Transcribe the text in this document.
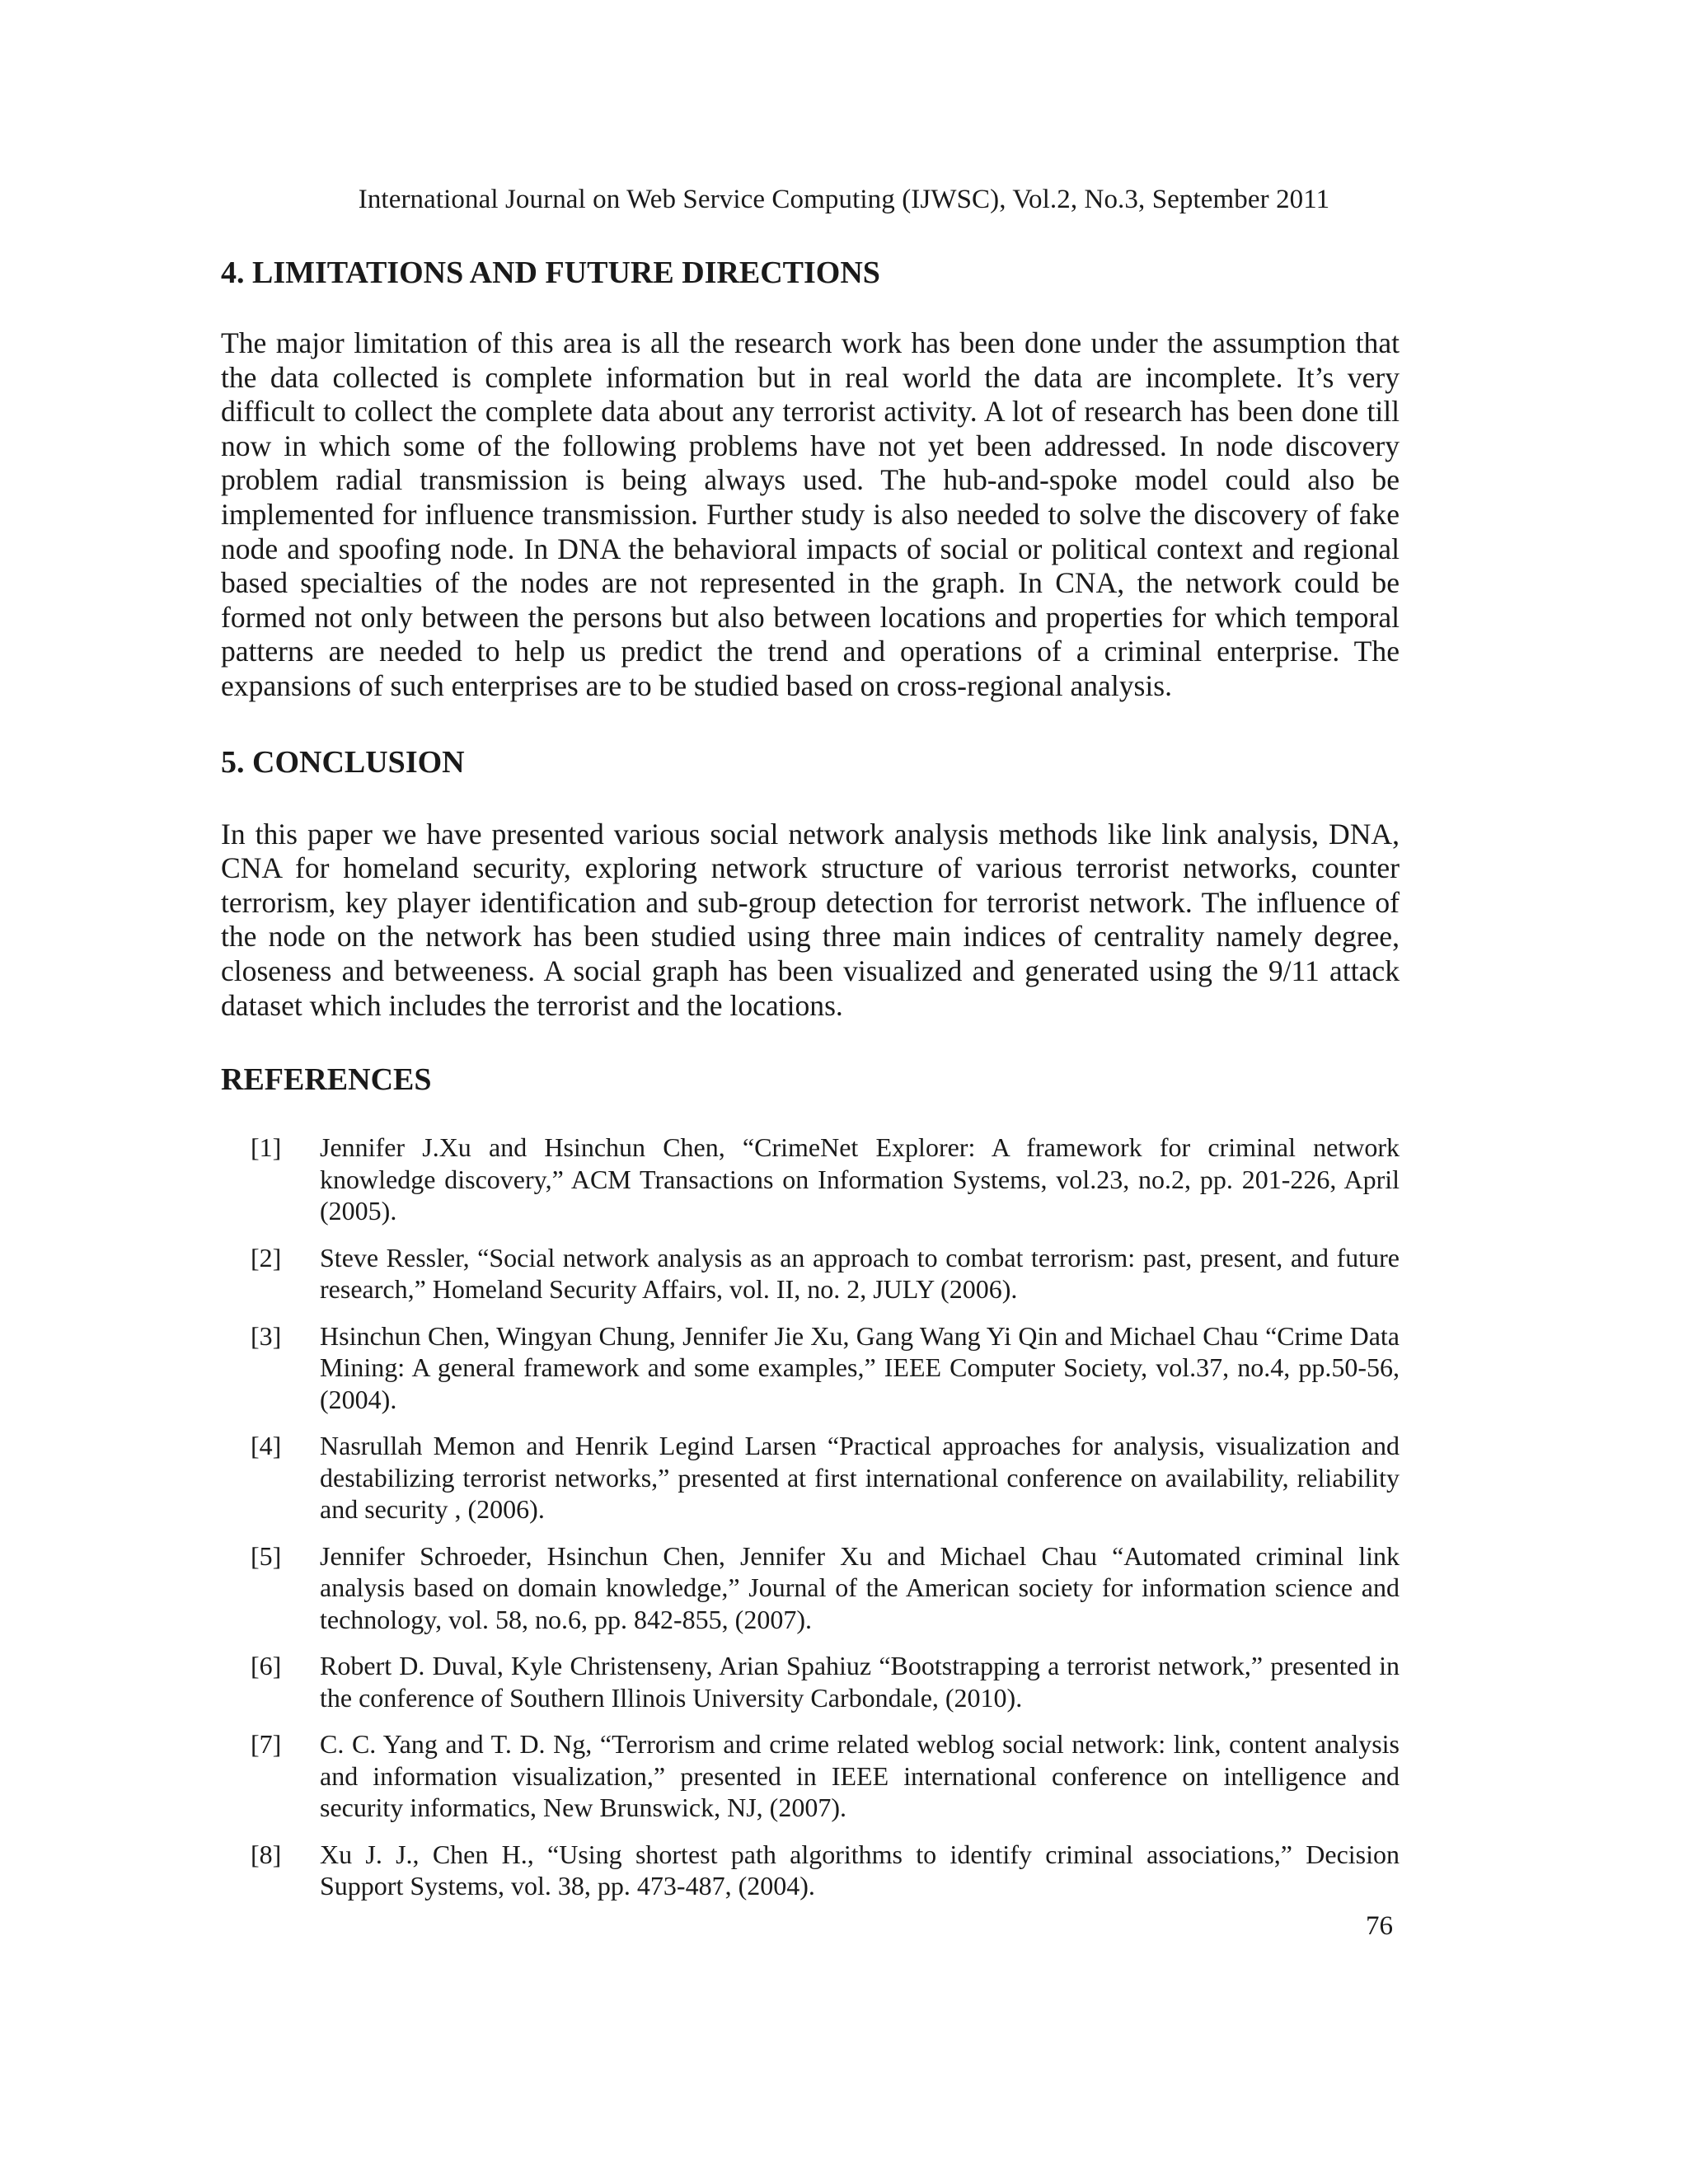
International Journal on Web Service Computing (IJWSC), Vol.2, No.3, September 2011
4. LIMITATIONS AND FUTURE DIRECTIONS

The major limitation of this area is all the research work has been done under the assumption that the data collected is complete information but in real world the data are incomplete. It’s very difficult to collect the complete data about any terrorist activity. A lot of research has been done till now in which some of the following problems have not yet been addressed. In node discovery problem radial transmission is being always used. The hub-and-spoke model could also be implemented for influence transmission. Further study is also needed to solve the discovery of fake node and spoofing node. In DNA the behavioral impacts of social or political context and regional based specialties of the nodes are not represented in the graph. In CNA, the network could be formed not only between the persons but also between locations and properties for which temporal patterns are needed to help us predict the trend and operations of a criminal enterprise. The expansions of such enterprises are to be studied based on cross-regional analysis.

5. CONCLUSION

In this paper we have presented various social network analysis methods like link analysis, DNA, CNA for homeland security, exploring network structure of various terrorist networks, counter terrorism, key player identification and sub-group detection for terrorist network. The influence of the node on the network has been studied using three main indices of centrality namely degree, closeness and betweeness. A social graph has been visualized and generated using the 9/11 attack dataset which includes the terrorist and the locations.

REFERENCES
[1]	Jennifer J.Xu and Hsinchun Chen, “CrimeNet Explorer: A framework for criminal network knowledge discovery,” ACM Transactions on Information Systems, vol.23, no.2, pp. 201-226, April (2005).
[2]	Steve Ressler, “Social network analysis as an approach to combat terrorism: past, present, and future research,” Homeland Security Affairs, vol. II, no. 2, JULY (2006).
[3]	Hsinchun Chen, Wingyan Chung, Jennifer Jie Xu, Gang Wang Yi Qin and Michael Chau “Crime Data Mining: A general framework and some examples,” IEEE Computer Society, vol.37, no.4, pp.50-56, (2004).
[4]	Nasrullah Memon and Henrik Legind Larsen “Practical approaches for analysis, visualization and destabilizing terrorist networks,” presented at first international conference on availability, reliability and security , (2006).
[5]	Jennifer Schroeder, Hsinchun Chen, Jennifer Xu and Michael Chau “Automated criminal link analysis based on domain knowledge,” Journal of the American society for information science and technology, vol. 58, no.6, pp. 842-855, (2007).
[6]	Robert D. Duval, Kyle Christenseny, Arian Spahiuz “Bootstrapping a terrorist network,” presented in the conference of Southern Illinois University Carbondale, (2010).
[7]	C. C. Yang and T. D. Ng, “Terrorism and crime related weblog social network: link, content analysis and information visualization,” presented in IEEE international conference on intelligence and security informatics, New Brunswick, NJ, (2007).
[8]	Xu J. J., Chen H., “Using shortest path algorithms to identify criminal associations,” Decision Support Systems, vol. 38, pp. 473-487, (2004).
76
